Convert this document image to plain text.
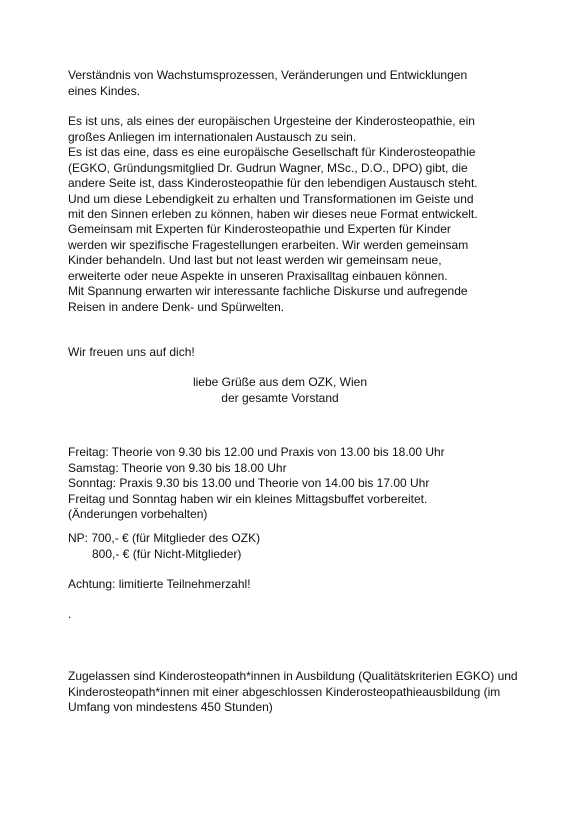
Verständnis von Wachstumsprozessen, Veränderungen und Entwicklungen
eines Kindes.

Es ist uns, als eines der europäischen Urgesteine der Kinderosteopathie, ein
großes Anliegen im internationalen Austausch zu sein.
Es ist das eine, dass es eine europäische Gesellschaft für Kinderosteopathie
(EGKO, Gründungsmitglied Dr. Gudrun Wagner, MSc., D.O., DPO) gibt, die
andere Seite ist, dass Kinderosteopathie für den lebendigen Austausch steht.
Und um diese Lebendigkeit zu erhalten und Transformationen im Geiste und
mit den Sinnen erleben zu können, haben wir dieses neue Format entwickelt.

Gemeinsam mit Experten für Kinderosteopathie und Experten für Kinder
werden wir spezifische Fragestellungen erarbeiten. Wir werden gemeinsam
Kinder behandeln. Und last but not least werden wir gemeinsam neue,
erweiterte oder neue Aspekte in unseren Praxisalltag einbauen können.
Mit Spannung erwarten wir interessante fachliche Diskurse und aufregende
Reisen in andere Denk- und Spürwelten.

Wir freuen uns auf dich!

liebe Grüße aus dem OZK, Wien
der gesamte Vorstand

Freitag: Theorie von 9.30 bis 12.00 und Praxis von 13.00 bis 18.00 Uhr
Samstag: Theorie von 9.30 bis 18.00 Uhr
Sonntag: Praxis 9.30 bis 13.00 und Theorie von 14.00 bis 17.00 Uhr
Freitag und Sonntag haben wir ein kleines Mittagsbuffet vorbereitet.
(Änderungen vorbehalten)

NP: 700,- € (für Mitglieder des OZK)
800,- € (für Nicht-Mitglieder)

Achtung: limitierte Teilnehmerzahl!

.

Zugelassen sind Kinderosteopath*innen in Ausbildung (Qualitätskriterien EGKO) und
Kinderosteopath*innen mit einer abgeschlossen Kinderosteopathieausbildung (im
Umfang von mindestens 450 Stunden)
